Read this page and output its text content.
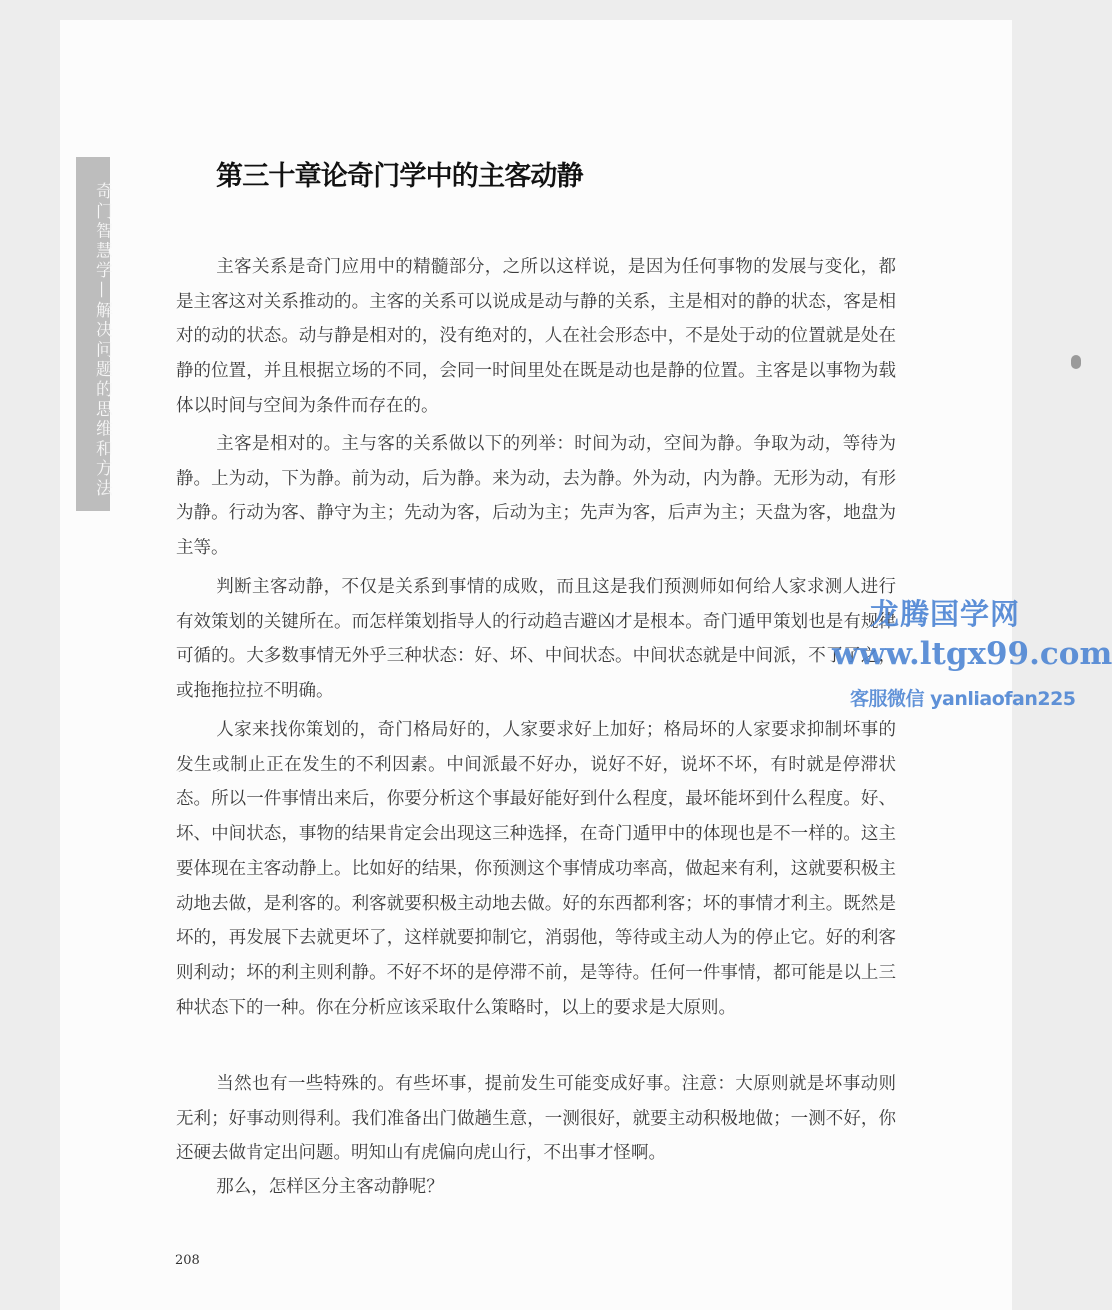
奇门智慧学—解决问题的思维和方法
第三十章论奇门学中的主客动静

主客关系是奇门应用中的精髓部分，之所以这样说，是因为任何事物的发展与变化，都是主客这对关系推动的。主客的关系可以说成是动与静的关系，主是相对的静的状态，客是相对的动的状态。动与静是相对的，没有绝对的，人在社会形态中，不是处于动的位置就是处在静的位置，并且根据立场的不同，会同一时间里处在既是动也是静的位置。主客是以事物为载体以时间与空间为条件而存在的。

主客是相对的。主与客的关系做以下的列举：时间为动，空间为静。争取为动，等待为静。上为动，下为静。前为动，后为静。来为动，去为静。外为动，内为静。无形为动，有形为静。行动为客、静守为主；先动为客，后动为主；先声为客，后声为主；天盘为客，地盘为主等。

判断主客动静，不仅是关系到事情的成败，而且这是我们预测师如何给人家求测人进行有效策划的关键所在。而怎样策划指导人的行动趋吉避凶才是根本。奇门遁甲策划也是有规律可循的。大多数事情无外乎三种状态：好、坏、中间状态。中间状态就是中间派，不了了之，或拖拖拉拉不明确。

人家来找你策划的，奇门格局好的，人家要求好上加好；格局坏的人家要求抑制坏事的发生或制止正在发生的不利因素。中间派最不好办，说好不好，说坏不坏，有时就是停滞状态。所以一件事情出来后，你要分析这个事最好能好到什么程度，最坏能坏到什么程度。好、坏、中间状态，事物的结果肯定会出现这三种选择，在奇门遁甲中的体现也是不一样的。这主要体现在主客动静上。比如好的结果，你预测这个事情成功率高，做起来有利，这就要积极主动地去做，是利客的。利客就要积极主动地去做。好的东西都利客；坏的事情才利主。既然是坏的，再发展下去就更坏了，这样就要抑制它，消弱他，等待或主动人为的停止它。好的利客则利动；坏的利主则利静。不好不坏的是停滞不前，是等待。任何一件事情，都可能是以上三种状态下的一种。你在分析应该采取什么策略时，以上的要求是大原则。

当然也有一些特殊的。有些坏事，提前发生可能变成好事。注意：大原则就是坏事动则无利；好事动则得利。我们准备出门做趟生意，一测很好，就要主动积极地做；一测不好，你还硬去做肯定出问题。明知山有虎偏向虎山行，不出事才怪啊。

那么，怎样区分主客动静呢？

208
龙腾国学网
www.ltgx99.com
客服微信 yanliaofan225
